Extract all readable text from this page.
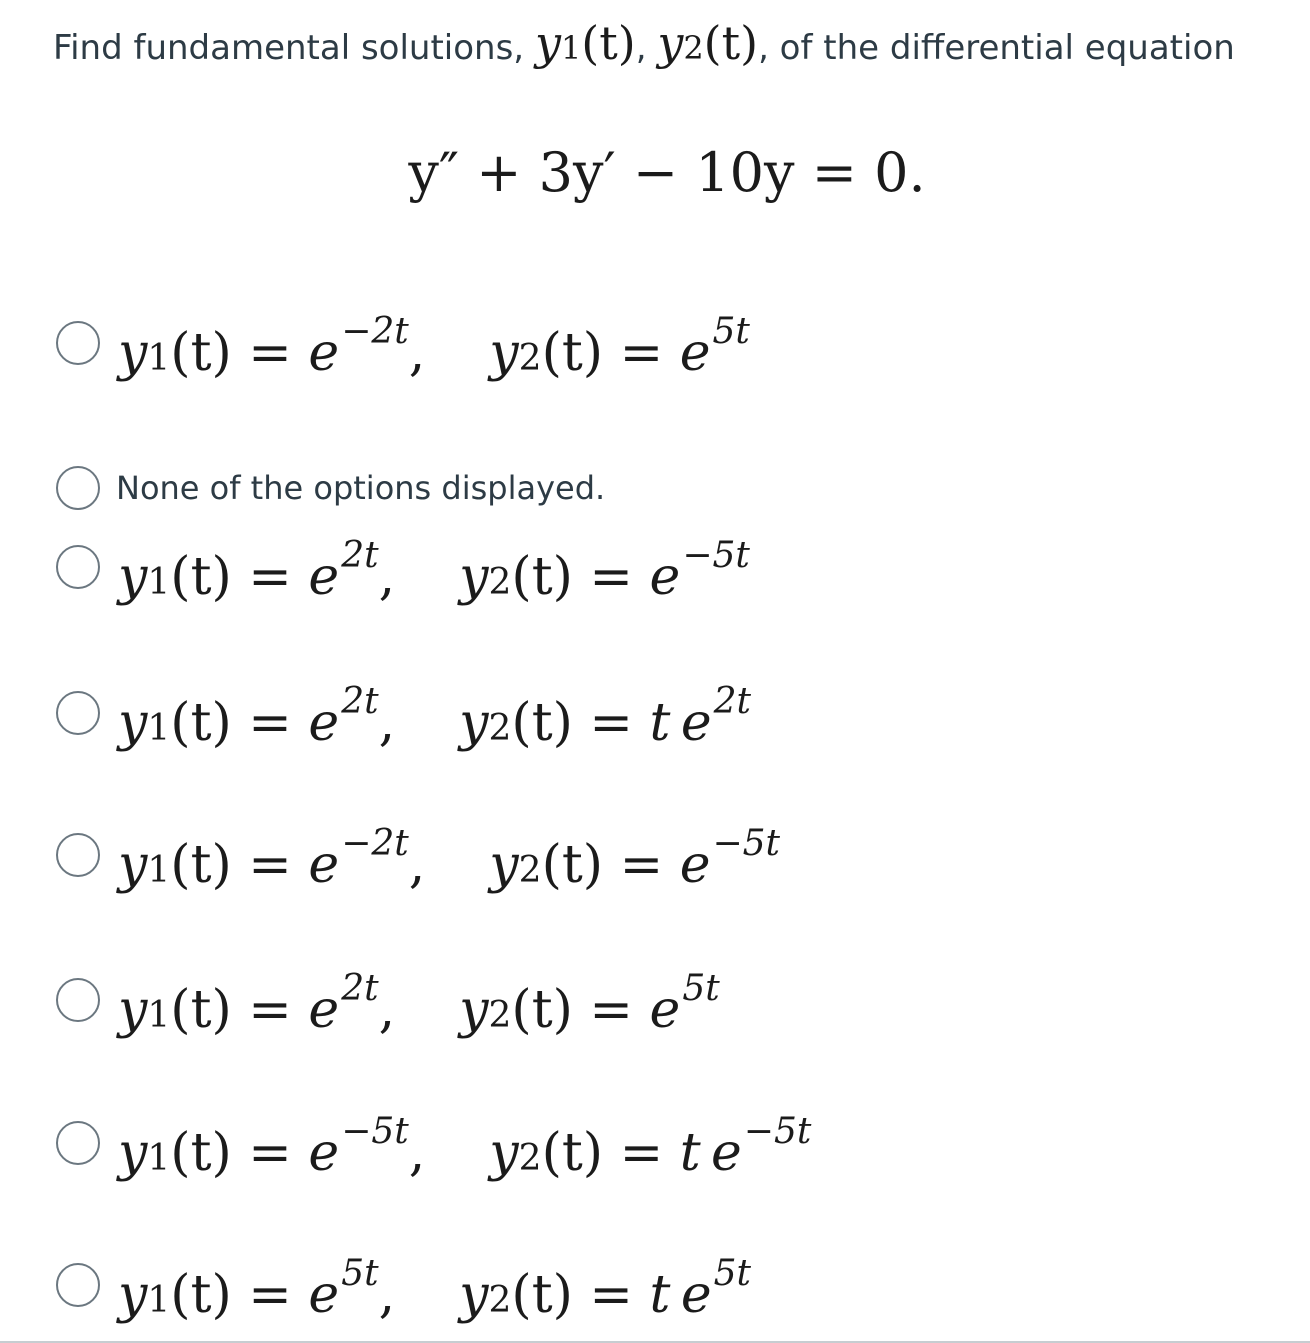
Find fundamental solutions, y1(t), y2(t), of the differential equation
y″ + 3y′ − 10y = 0.
$y1(t) = e^{-2t}$, $y2(t) = e^{5t}$
None of the options displayed.
$y1(t) = e^{2t}$, $y2(t) = e^{-5t}$
$y1(t) = e^{2t}$, y2(t) = t  $e^{2t}$
$y1(t) = e^{-2t}$, $y2(t) = e^{-5t}$
$y1(t) = e^{2t}$, $y2(t) = e^{5t}$
$y1(t) = e^{-5t}$, y2(t) = t  $e^{-5t}$
$y1(t) = e^{5t}$, y2(t) = t  $e^{5t}$
